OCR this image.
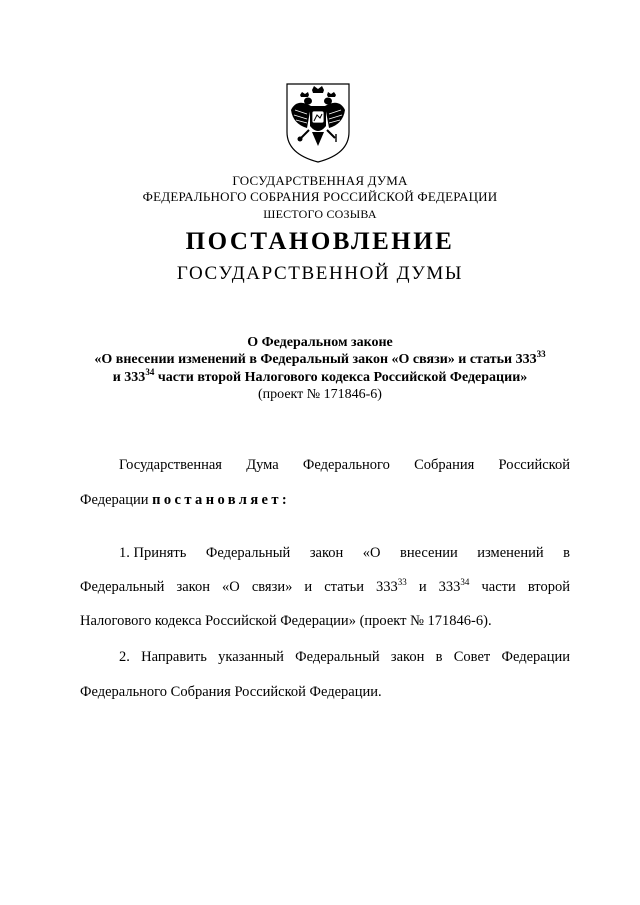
ГОСУДАРСТВЕННАЯ ДУМА
ФЕДЕРАЛЬНОГО СОБРАНИЯ РОССИЙСКОЙ ФЕДЕРАЦИИ
ШЕСТОГО СОЗЫВА
ПОСТАНОВЛЕНИЕ
ГОСУДАРСТВЕННОЙ ДУМЫ
О Федеральном законе
«О внесении изменений в Федеральный закон «О связи» и статьи $333^{33}$
и $333^{34}$ части второй Налогового кодекса Российской Федерации»
(проект № 171846-6)
Государственная Дума Федерального Собрания Российской
Федерации постановляет:
1. Принять Федеральный закон «О внесении изменений в
Федеральный закон «О связи» и статьи $333^{33}$ и $333^{34}$ части второй
Налогового кодекса Российской Федерации» (проект № 171846-6).
2. Направить указанный Федеральный закон в Совет Федерации
Федерального Собрания Российской Федерации.
